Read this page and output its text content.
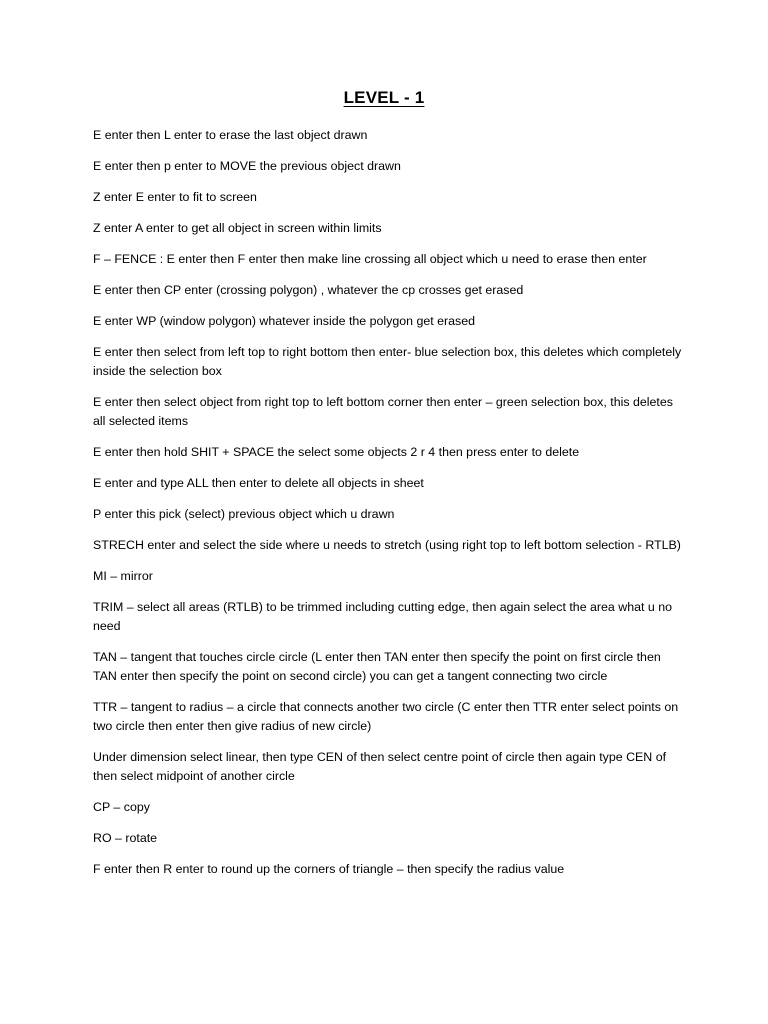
LEVEL - 1
E enter then L enter to erase the last object drawn
E enter then p enter to MOVE the previous object drawn
Z enter E enter to fit to screen
Z enter A enter to get all object in screen within limits
F – FENCE : E enter then F enter then make line crossing all object which u need to erase then enter
E enter then CP enter (crossing polygon) , whatever the cp crosses get erased
E enter WP (window polygon) whatever inside the polygon get erased
E enter then select from left top to right bottom then enter- blue selection box, this deletes which completely inside the selection box
E enter then select object from right top to left bottom corner then enter – green selection box, this deletes all selected items
E enter then hold SHIT + SPACE the select some objects 2 r 4 then press enter to delete
E enter and type ALL then enter to delete all objects in sheet
P enter this pick (select) previous object which u drawn
STRECH enter and select the side where u needs to stretch (using right top to left bottom selection - RTLB)
MI – mirror
TRIM – select all areas (RTLB) to be trimmed including cutting edge, then again select the area what u no need
TAN – tangent that touches circle circle (L enter then TAN enter then specify the point on first circle then TAN enter then specify the point on second circle) you can get a tangent connecting two circle
TTR – tangent to radius – a circle that connects another two circle (C enter then TTR enter select points on two circle then enter then give radius of new circle)
Under dimension select linear, then type CEN of then select centre point of circle then again type CEN of then select midpoint of another circle
CP – copy
RO – rotate
F enter then R enter to round up the corners of triangle – then specify the radius value
